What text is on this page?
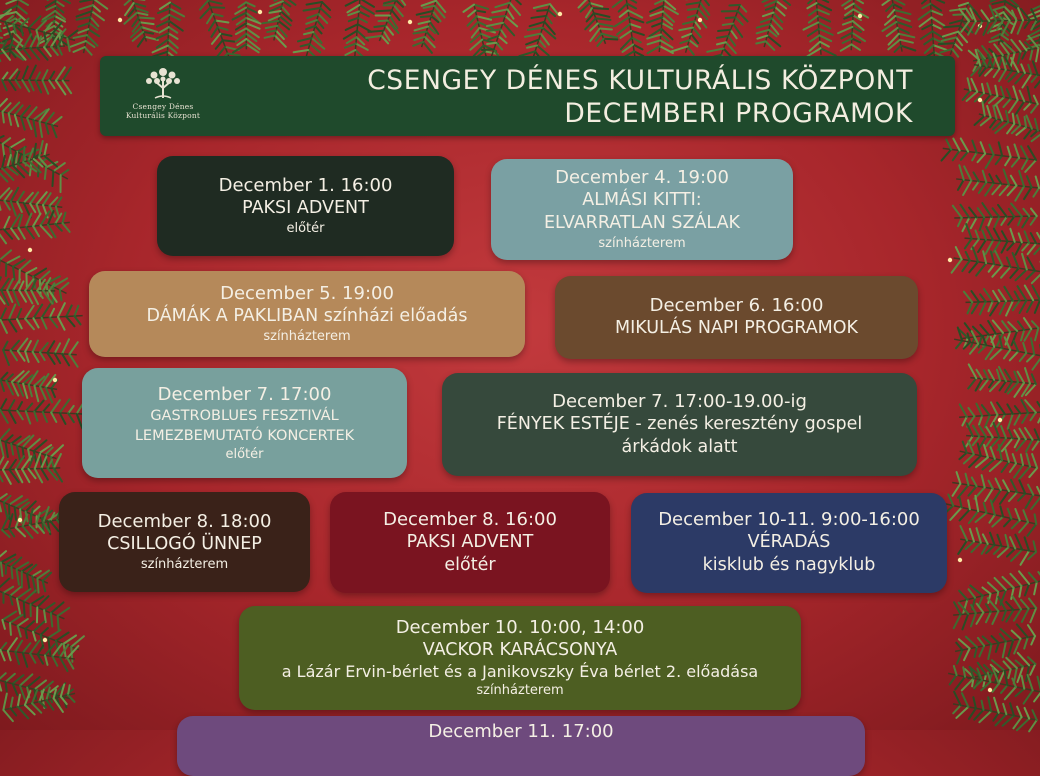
Csengey Dénes
Kulturális Központ
CSENGEY DÉNES KULTURÁLIS KÖZPONT
DECEMBERI PROGRAMOK
December 1. 16:00
PAKSI ADVENT
előtér
December 4. 19:00
ALMÁSI KITTI:
ELVARRATLAN SZÁLAK
színházterem
December 5. 19:00
DÁMÁK A PAKLIBAN színházi előadás
színházterem
December 6. 16:00
MIKULÁS NAPI PROGRAMOK
December 7. 17:00
GASTROBLUES FESZTIVÁL
LEMEZBEMUTATÓ KONCERTEK
előtér
December 7. 17:00-19.00-ig
FÉNYEK ESTÉJE - zenés keresztény gospel
árkádok alatt
December 8. 18:00
CSILLOGÓ ÜNNEP
színházterem
December 8. 16:00
PAKSI ADVENT
előtér
December 10-11. 9:00-16:00
VÉRADÁS
kisklub és nagyklub
December 10. 10:00, 14:00
VACKOR KARÁCSONYA
a Lázár Ervin-bérlet és a Janikovszky Éva bérlet 2. előadása
színházterem
December 11. 17:00
